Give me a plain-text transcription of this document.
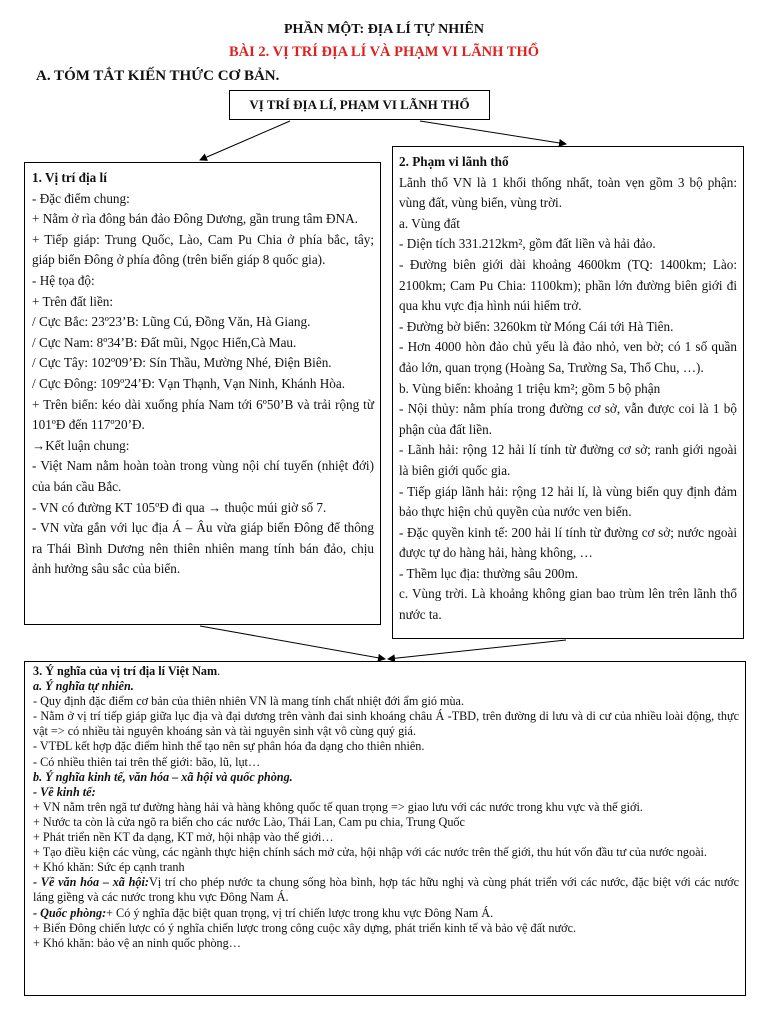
PHẦN MỘT: ĐỊA LÍ TỰ NHIÊN
BÀI 2. VỊ TRÍ ĐỊA LÍ VÀ PHẠM VI LÃNH THỔ
A. TÓM TẮT KIẾN THỨC CƠ BẢN.
VỊ TRÍ ĐỊA LÍ, PHẠM VI LÃNH THỔ
1. Vị trí địa lí
- Đặc điểm chung:
+ Nằm ở rìa đông bán đảo Đông Dương, gần trung tâm ĐNA.
+ Tiếp giáp: Trung Quốc, Lào, Cam Pu Chia ở phía bắc, tây; giáp biển Đông ở phía đông (trên biển giáp 8 quốc gia).
- Hệ tọa độ:
+ Trên đất liền:
/ Cực Bắc: 23º23’B: Lũng Cú, Đồng Văn, Hà Giang.
/ Cực Nam: 8º34’B: Đất mũi, Ngọc Hiển,Cà Mau.
/ Cực Tây: 102º09’Đ: Sín Thầu, Mường Nhé, Điện Biên.
/ Cực Đông: 109º24’Đ: Vạn Thạnh, Vạn Ninh, Khánh Hòa.
+ Trên biển: kéo dài xuống phía Nam tới 6º50’B và trải rộng từ 101ºĐ đến 117º20’Đ.
→Kết luận chung:
- Việt Nam nằm hoàn toàn trong vùng nội chí tuyến (nhiệt đới) của bán cầu Bắc.
- VN có đường KT 105ºĐ đi qua → thuộc múi giờ số 7.
- VN vừa gắn với lục địa Á – Âu vừa giáp biển Đông để thông ra Thái Bình Dương nên thiên nhiên mang tính bán đảo, chịu ảnh hưởng sâu sắc của biển.
2. Phạm vi lãnh thổ
Lãnh thổ VN là 1 khối thống nhất, toàn vẹn gồm 3 bộ phận: vùng đất, vùng biển, vùng trời.
a. Vùng đất
- Diện tích 331.212km², gồm đất liền và hải đảo.
- Đường biên giới dài khoảng 4600km (TQ: 1400km; Lào: 2100km; Cam Pu Chia: 1100km); phần lớn đường biên giới đi qua khu vực địa hình núi hiểm trở.
- Đường bờ biển: 3260km từ Móng Cái tới Hà Tiên.
- Hơn 4000 hòn đảo chủ yếu là đảo nhỏ, ven bờ; có 1 số quần đảo lớn, quan trọng (Hoàng Sa, Trường Sa, Thổ Chu, …).
b. Vùng biển: khoảng 1 triệu km²; gồm 5 bộ phận
- Nội thủy: nằm phía trong đường cơ sở, vẫn được coi là 1 bộ phận của đất liền.
- Lãnh hải: rộng 12 hải lí tính từ đường cơ sở; ranh giới ngoài là biên giới quốc gia.
- Tiếp giáp lãnh hải: rộng 12 hải lí, là vùng biển quy định đảm bảo thực hiện chủ quyền của nước ven biển.
- Đặc quyền kinh tế: 200 hải lí tính từ đường cơ sở; nước ngoài được tự do hàng hải, hàng không, …
- Thềm lục địa: thường sâu 200m.
c. Vùng trời. Là khoảng không gian bao trùm lên trên lãnh thổ nước ta.
3. Ý nghĩa của vị trí địa lí Việt Nam.
a. Ý nghĩa tự nhiên.
- Quy định đặc điểm cơ bản của thiên nhiên VN là mang tính chất nhiệt đới ẩm gió mùa.
- Nằm ở vị trí tiếp giáp giữa lục địa và đại dương trên vành đai sinh khoáng châu Á -TBD, trên đường di lưu và di cư của nhiều loài động, thực vật => có nhiều tài nguyên khoáng sản và tài nguyên sinh vật vô cùng quý giá.
- VTĐL kết hợp đặc điểm hình thể tạo nên sự phân hóa đa dạng cho thiên nhiên.
- Có nhiều thiên tai trên thế giới: bão, lũ, lụt…
b. Ý nghĩa kinh tế, văn hóa – xã hội và quốc phòng.
- Về kinh tế:
+ VN nằm trên ngã tư đường hàng hải và hàng không quốc tế quan trọng => giao lưu với các nước trong khu vực và thế giới.
+ Nước ta còn là cửa ngõ ra biển cho các nước Lào, Thái Lan, Cam pu chia, Trung Quốc
+ Phát triển nền KT đa dạng, KT mở, hội nhập vào thế giới…
+ Tạo điều kiện các vùng, các ngành thực hiện chính sách mở cửa, hội nhập với các nước trên thế giới, thu hút vốn đầu tư của nước ngoài.
+ Khó khăn: Sức ép cạnh tranh
- Về văn hóa – xã hội:Vị trí cho phép nước ta chung sống hòa bình, hợp tác hữu nghị và cùng phát triển với các nước, đặc biệt với các nước láng giềng và các nước trong khu vực Đông Nam Á.
- Quốc phòng:+ Có ý nghĩa đặc biệt quan trọng, vị trí chiến lược trong khu vực Đông Nam Á.
+ Biển Đông chiến lược có ý nghĩa chiến lược trong công cuộc xây dựng, phát triển kinh tế và bảo vệ đất nước.
+ Khó khăn: bảo vệ an ninh quốc phòng…
